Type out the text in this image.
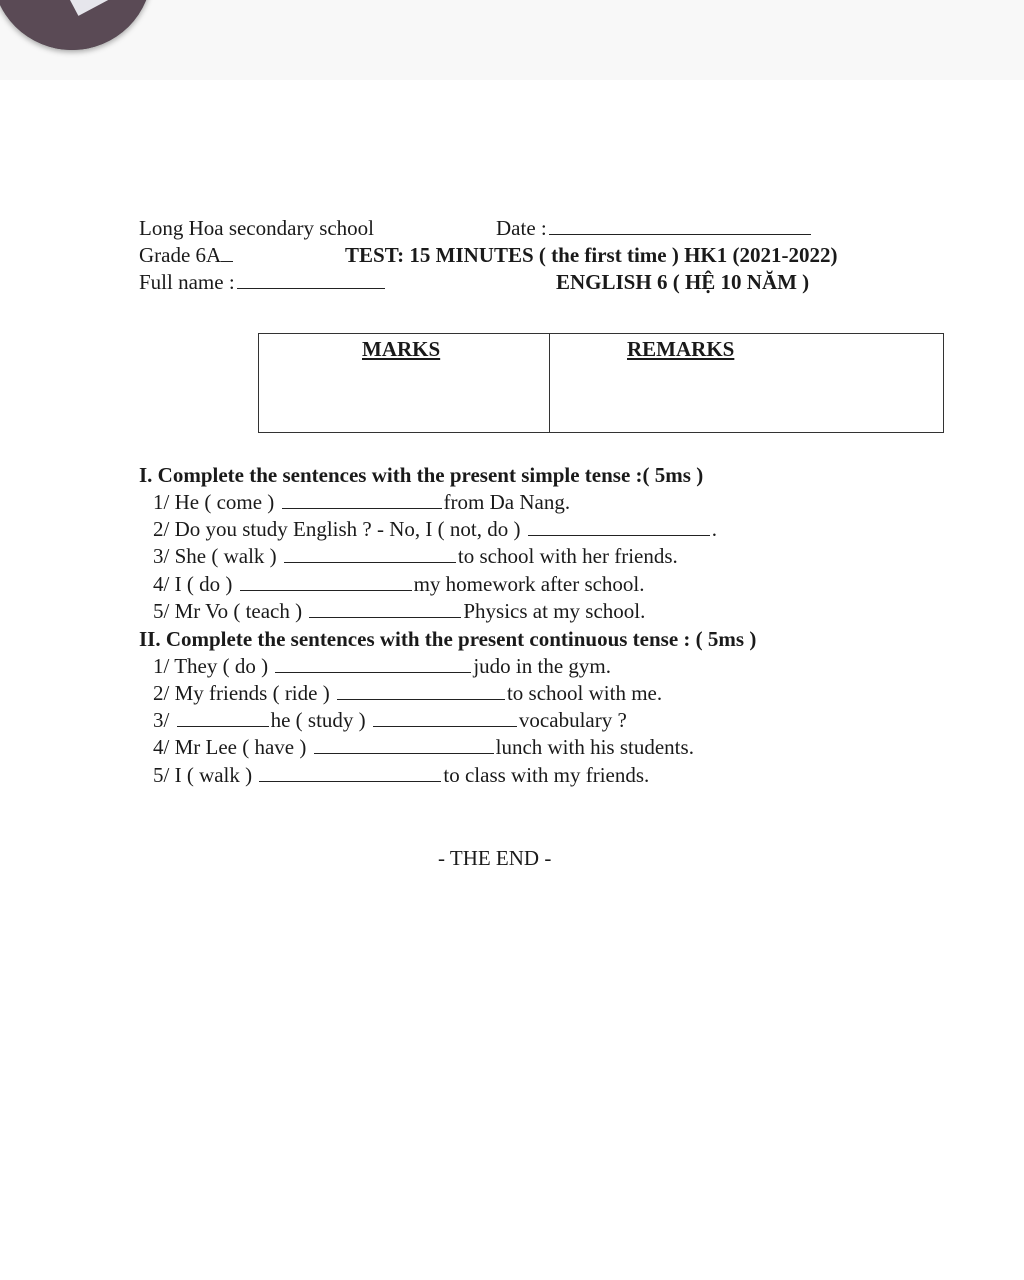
Long Hoa secondary school	Date :
Grade 6A	TEST: 15 MINUTES ( the first time ) HK1 (2021-2022)
Full name :	ENGLISH 6 ( HỆ 10 NĂM )
MARKS	REMARKS
I. Complete the sentences with the present simple tense :( 5ms )
1/ He ( come )	from Da Nang.
2/ Do you study English ? - No, I ( not, do )	.
3/ She ( walk )	to school with her friends.
4/ I ( do )	my homework after school.
5/ Mr Vo ( teach )	Physics at my school.
II. Complete the sentences with the present continuous tense : ( 5ms )
1/ They ( do )	judo in the gym.
2/ My friends ( ride )	to school with me.
3/	he ( study )	vocabulary ?
4/ Mr Lee ( have )	lunch with his students.
5/ I ( walk )	to class with my friends.
- THE END -
